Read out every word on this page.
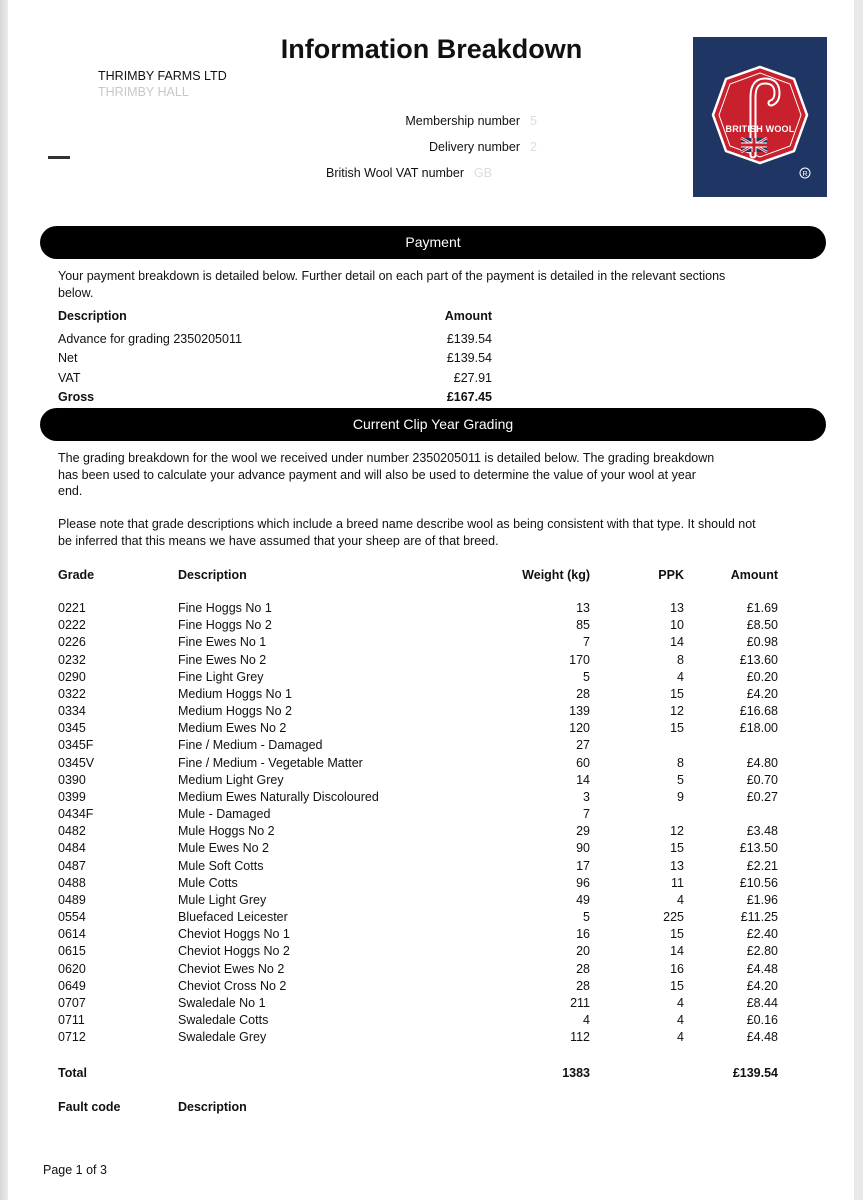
Information Breakdown
THRIMBY FARMS LTD
THRIMBY HALL
Membership number 5
Delivery number 2
British Wool VAT number GB	R
BRITISH WOOL
Payment
Your payment breakdown is detailed below. Further detail on each part of the payment is detailed in the relevant sections below.
Description	Amount
Advance for grading 2350205011	£139.54
Net	£139.54
VAT	£27.91
Gross	£167.45
Current Clip Year Grading
The grading breakdown for the wool we received under number 2350205011 is detailed below. The grading breakdown has been used to calculate your advance payment and will also be used to determine the value of your wool at year end.
Please note that grade descriptions which include a breed name describe wool as being consistent with that type. It should not be inferred that this means we have assumed that your sheep are of that breed.
Grade	Description	Weight (kg)	PPK	Amount
0221	Fine Hoggs No 1	13	13	£1.69
0222	Fine Hoggs No 2	85	10	£8.50
0226	Fine Ewes No 1	7	14	£0.98
0232	Fine Ewes No 2	170	8	£13.60
0290	Fine Light Grey	5	4	£0.20
0322	Medium Hoggs No 1	28	15	£4.20
0334	Medium Hoggs No 2	139	12	£16.68
0345	Medium Ewes No 2	120	15	£18.00
0345F	Fine / Medium - Damaged	27
0345V	Fine / Medium - Vegetable Matter	60	8	£4.80
0390	Medium Light Grey	14	5	£0.70
0399	Medium Ewes Naturally Discoloured	3	9	£0.27
0434F	Mule - Damaged	7
0482	Mule Hoggs No 2	29	12	£3.48
0484	Mule Ewes No 2	90	15	£13.50
0487	Mule Soft Cotts	17	13	£2.21
0488	Mule Cotts	96	11	£10.56
0489	Mule Light Grey	49	4	£1.96
0554	Bluefaced Leicester	5	225	£11.25
0614	Cheviot Hoggs No 1	16	15	£2.40
0615	Cheviot Hoggs No 2	20	14	£2.80
0620	Cheviot Ewes No 2	28	16	£4.48
0649	Cheviot Cross No 2	28	15	£4.20
0707	Swaledale No 1	211	4	£8.44
0711	Swaledale Cotts	4	4	£0.16
0712	Swaledale Grey	112	4	£4.48
Total	1383	£139.54
Fault code	Description
Page 1 of 3
